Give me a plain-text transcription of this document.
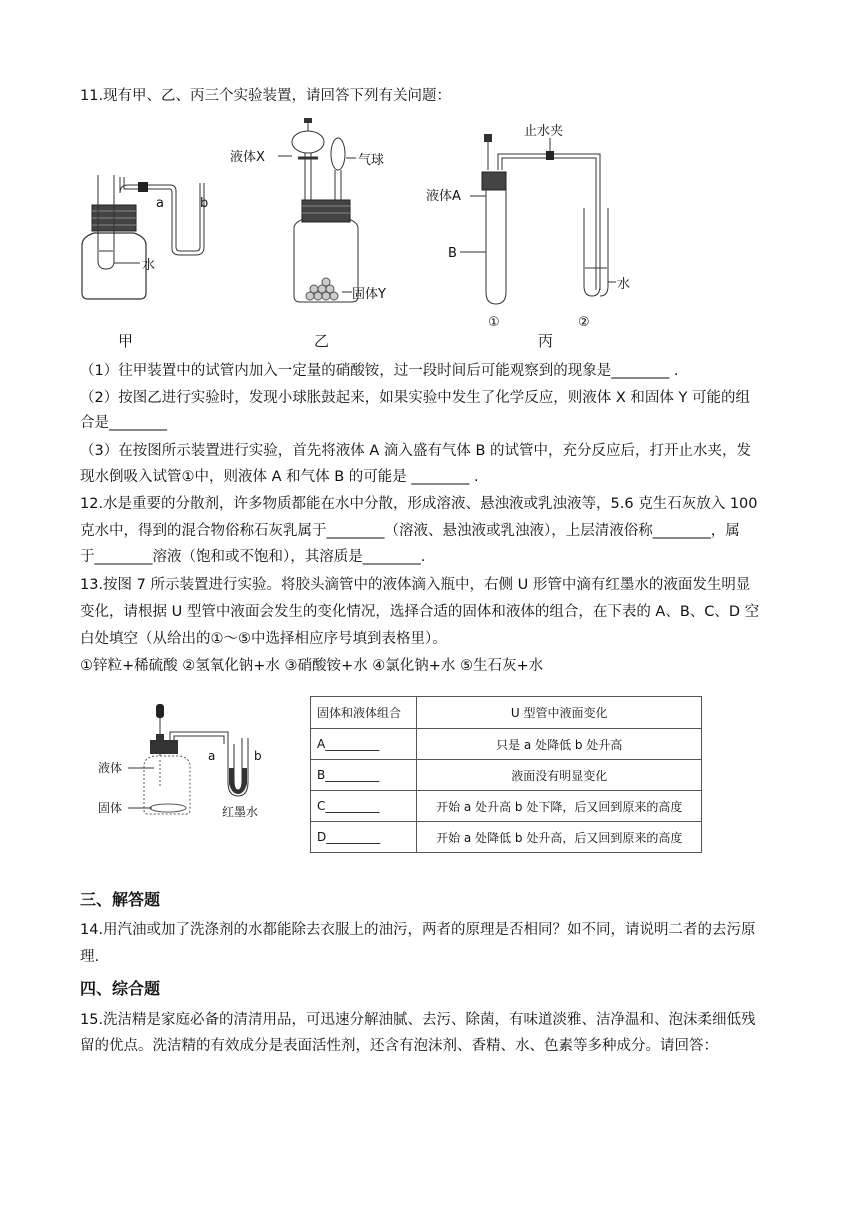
11.现有甲、乙、丙三个实验装置，请回答下列有关问题：
a	b
水
甲
液体X	气球
固体Y
乙
止水夹
液体A
B
水
①	②
丙
（1）往甲装置中的试管内加入一定量的硝酸铵，过一段时间后可能观察到的现象是________ .
（2）按图乙进行实验时，发现小球胀鼓起来，如果实验中发生了化学反应，则液体 X 和固体 Y 可能的组
合是________
（3）在按图所示装置进行实验，首先将液体 A 滴入盛有气体 B 的试管中，充分反应后，打开止水夹，发
现水倒吸入试管①中，则液体 A 和气体 B 的可能是 ________ .
12.水是重要的分散剂，许多物质都能在水中分散，形成溶液、悬浊液或乳浊液等，5.6 克生石灰放入 100
克水中，得到的混合物俗称石灰乳属于________（溶液、悬浊液或乳浊液），上层清液俗称________，属
于________溶液（饱和或不饱和），其溶质是________.
13.按图 7 所示装置进行实验。将胶头滴管中的液体滴入瓶中，右侧 U 形管中滴有红墨水的液面发生明显
变化，请根据 U 型管中液面会发生的变化情况，选择合适的固体和液体的组合，在下表的 A、B、C、D 空
白处填空（从给出的①～⑤中选择相应序号填到表格里）。
①锌粒+稀硫酸 ②氢氧化钠+水 ③硝酸铵+水 ④氯化钠+水 ⑤生石灰+水
液体
固体
a	b
红墨水
固体和液体组合	U 型管中液面变化
A_________	只是 a 处降低 b 处升高
B_________	液面没有明显变化
C_________	开始 a 处升高 b 处下降，后又回到原来的高度
D_________	开始 a 处降低 b 处升高，后又回到原来的高度
三、解答题
14.用汽油或加了洗涤剂的水都能除去衣服上的油污，两者的原理是否相同？如不同，请说明二者的去污原
理.
四、综合题
15.洗洁精是家庭必备的清清用品，可迅速分解油腻、去污、除菌，有味道淡雅、洁净温和、泡沫柔细低残
留的优点。洗洁精的有效成分是表面活性剂，还含有泡沫剂、香精、水、色素等多种成分。请回答：
